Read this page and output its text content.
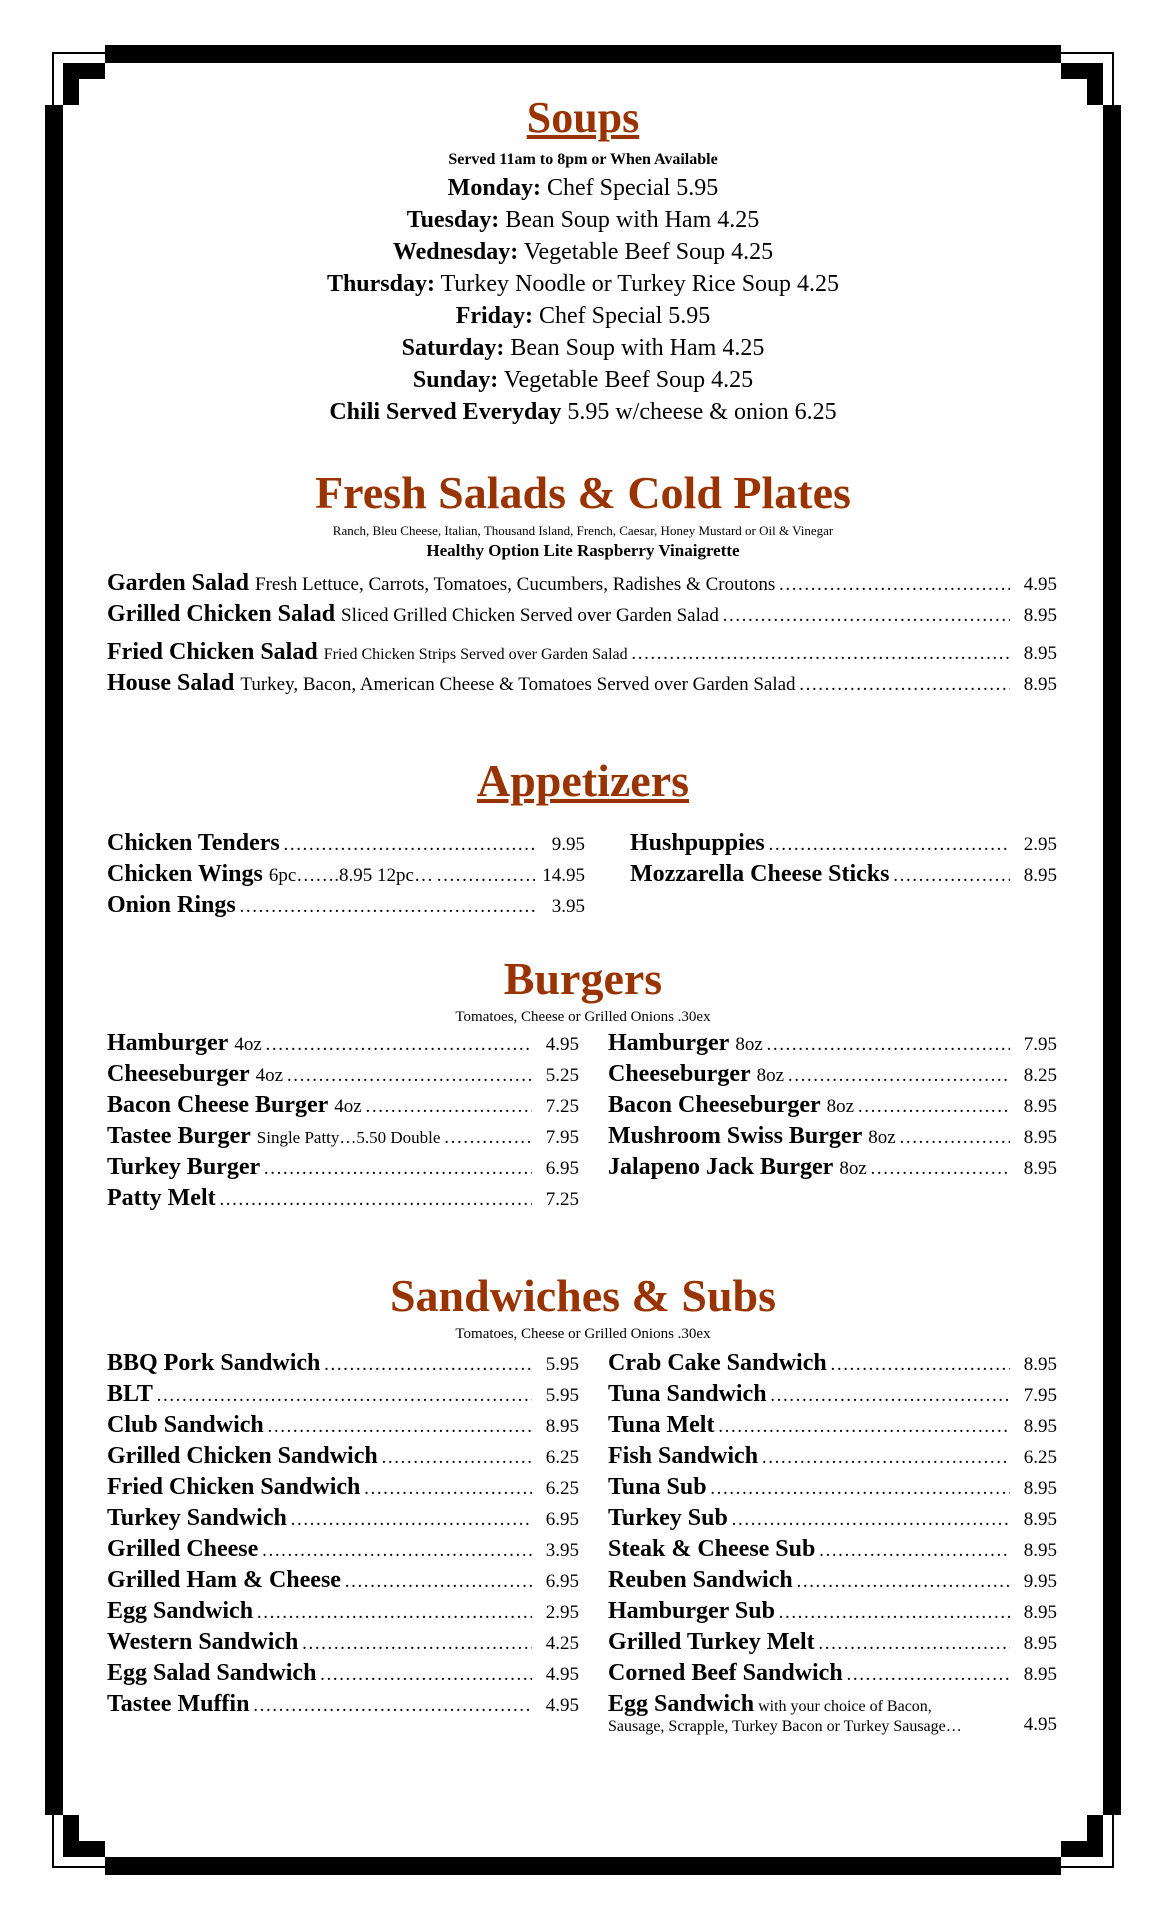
Soups
Served 11am to 8pm or When Available
Monday: Chef Special 5.95
Tuesday: Bean Soup with Ham 4.25
Wednesday: Vegetable Beef Soup 4.25
Thursday: Turkey Noodle or Turkey Rice Soup 4.25
Friday: Chef Special 5.95
Saturday: Bean Soup with Ham 4.25
Sunday: Vegetable Beef Soup 4.25
Chili Served Everyday 5.95 w/cheese & onion 6.25
Fresh Salads & Cold Plates
Ranch, Bleu Cheese, Italian, Thousand Island, French, Caesar, Honey Mustard or Oil & Vinegar
Healthy Option Lite Raspberry Vinaigrette
Garden Salad Fresh Lettuce, Carrots, Tomatoes, Cucumbers, Radishes & Croutons …………………………………………………………………………………………………………………………………………………………………	4.95
Grilled Chicken Salad Sliced Grilled Chicken Served over Garden Salad …………………………………………………………………………………………………………………………………………………………………	8.95
Fried Chicken Salad Fried Chicken Strips Served over Garden Salad …………………………………………………………………………………………………………………………………………………………………	8.95
House Salad Turkey, Bacon, American Cheese & Tomatoes Served over Garden Salad …………………………………………………………………………………………………………………………………………………………………	8.95
Appetizers
Chicken Tenders …………………………………………………………………………………………………………………………………………………………………	9.95
Chicken Wings 6pc…….8.95 12pc… …………………………………………………………………………………………………………………………………………………………………	14.95
Onion Rings …………………………………………………………………………………………………………………………………………………………………	3.95
Hushpuppies …………………………………………………………………………………………………………………………………………………………………	2.95
Mozzarella Cheese Sticks …………………………………………………………………………………………………………………………………………………………………	8.95
Burgers
Tomatoes, Cheese or Grilled Onions .30ex
Hamburger 4oz …………………………………………………………………………………………………………………………………………………………………	4.95
Cheeseburger 4oz …………………………………………………………………………………………………………………………………………………………………	5.25
Bacon Cheese Burger 4oz …………………………………………………………………………………………………………………………………………………………………	7.25
Tastee Burger Single Patty…5.50 Double …………………………………………………………………………………………………………………………………………………………………	7.95
Turkey Burger …………………………………………………………………………………………………………………………………………………………………	6.95
Patty Melt …………………………………………………………………………………………………………………………………………………………………	7.25
Hamburger 8oz …………………………………………………………………………………………………………………………………………………………………	7.95
Cheeseburger 8oz …………………………………………………………………………………………………………………………………………………………………	8.25
Bacon Cheeseburger 8oz …………………………………………………………………………………………………………………………………………………………………	8.95
Mushroom Swiss Burger 8oz …………………………………………………………………………………………………………………………………………………………………	8.95
Jalapeno Jack Burger 8oz …………………………………………………………………………………………………………………………………………………………………	8.95
Sandwiches & Subs
Tomatoes, Cheese or Grilled Onions .30ex
BBQ Pork Sandwich …………………………………………………………………………………………………………………………………………………………………	5.95
BLT …………………………………………………………………………………………………………………………………………………………………	5.95
Club Sandwich …………………………………………………………………………………………………………………………………………………………………	8.95
Grilled Chicken Sandwich …………………………………………………………………………………………………………………………………………………………………	6.25
Fried Chicken Sandwich …………………………………………………………………………………………………………………………………………………………………	6.25
Turkey Sandwich …………………………………………………………………………………………………………………………………………………………………	6.95
Grilled Cheese …………………………………………………………………………………………………………………………………………………………………	3.95
Grilled Ham & Cheese …………………………………………………………………………………………………………………………………………………………………	6.95
Egg Sandwich …………………………………………………………………………………………………………………………………………………………………	2.95
Western Sandwich …………………………………………………………………………………………………………………………………………………………………	4.25
Egg Salad Sandwich …………………………………………………………………………………………………………………………………………………………………	4.95
Tastee Muffin …………………………………………………………………………………………………………………………………………………………………	4.95
Crab Cake Sandwich …………………………………………………………………………………………………………………………………………………………………	8.95
Tuna Sandwich …………………………………………………………………………………………………………………………………………………………………	7.95
Tuna Melt …………………………………………………………………………………………………………………………………………………………………	8.95
Fish Sandwich …………………………………………………………………………………………………………………………………………………………………	6.25
Tuna Sub …………………………………………………………………………………………………………………………………………………………………	8.95
Turkey Sub …………………………………………………………………………………………………………………………………………………………………	8.95
Steak & Cheese Sub …………………………………………………………………………………………………………………………………………………………………	8.95
Reuben Sandwich …………………………………………………………………………………………………………………………………………………………………	9.95
Hamburger Sub …………………………………………………………………………………………………………………………………………………………………	8.95
Grilled Turkey Melt …………………………………………………………………………………………………………………………………………………………………	8.95
Corned Beef Sandwich …………………………………………………………………………………………………………………………………………………………………	8.95
Egg Sandwich with your choice of Bacon,
Sausage, Scrapple, Turkey Bacon or Turkey Sausage…	4.95
